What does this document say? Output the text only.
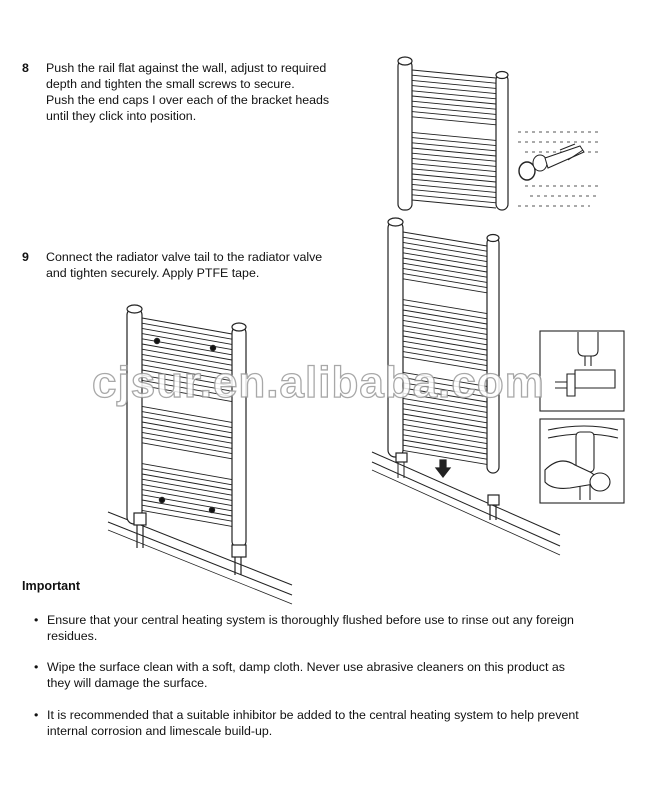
cjsur.en.alibaba.com
8 Push the rail flat against the wall, adjust to required
depth and tighten the small screws to secure.
Push the end caps I over each of the bracket heads
until they click into position.
9 Connect the radiator valve tail to the radiator valve
and tighten securely. Apply PTFE tape.
Important
• Ensure that your central heating system is thoroughly flushed before use to rinse out any foreign
residues.
• Wipe the surface clean with a soft, damp cloth. Never use abrasive cleaners on this product as
they will damage the surface.
• It is recommended that a suitable inhibitor be added to the central heating system to help prevent
internal corrosion and limescale build-up.
